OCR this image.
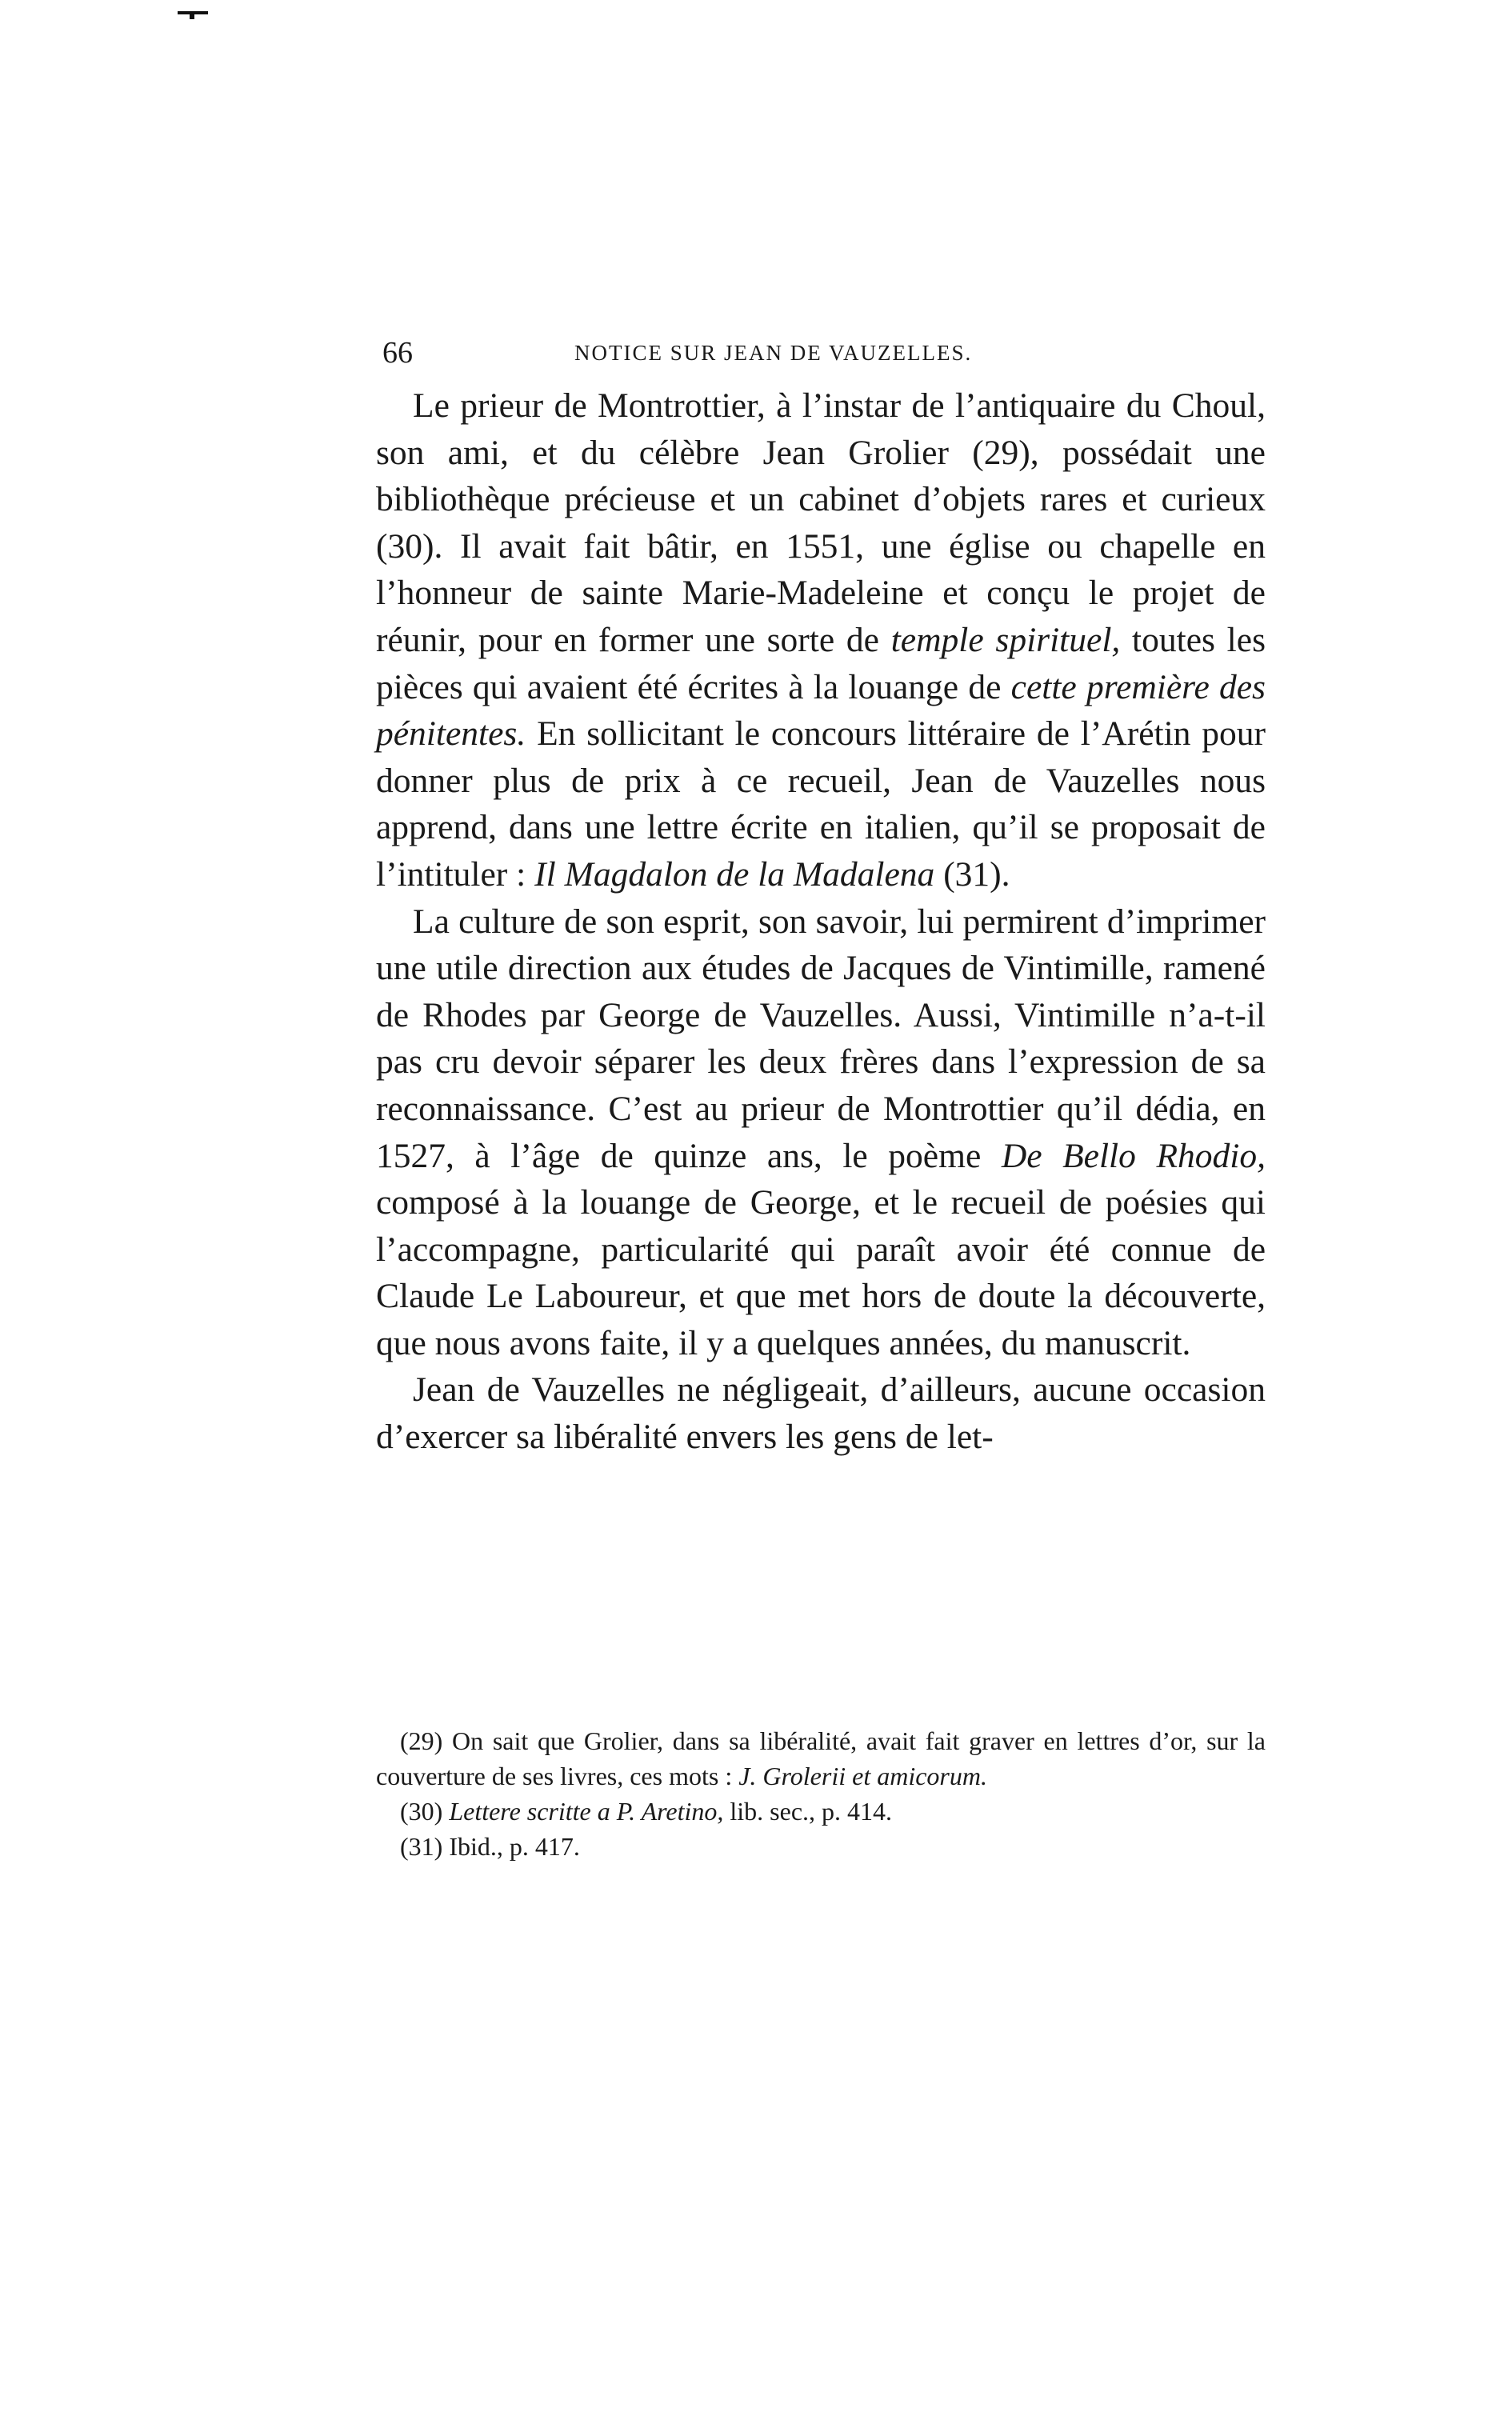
66	NOTICE SUR JEAN DE VAUZELLES.

Le prieur de Montrottier, à l’instar de l’antiquaire du Choul, son ami, et du célèbre Jean Grolier (29), possédait une bibliothèque précieuse et un cabinet d’objets rares et curieux (30). Il avait fait bâtir, en 1551, une église ou chapelle en l’honneur de sainte Marie-Madeleine et conçu le projet de réunir, pour en former une sorte de temple spirituel, toutes les pièces qui avaient été écrites à la louange de cette première des pénitentes. En sollicitant le concours littéraire de l’Arétin pour donner plus de prix à ce recueil, Jean de Vauzelles nous apprend, dans une lettre écrite en italien, qu’il se proposait de l’intituler : Il Magdalon de la Madalena (31).

La culture de son esprit, son savoir, lui permirent d’imprimer une utile direction aux études de Jacques de Vintimille, ramené de Rhodes par George de Vauzelles. Aussi, Vintimille n’a-t-il pas cru devoir séparer les deux frères dans l’expression de sa reconnaissance. C’est au prieur de Montrottier qu’il dédia, en 1527, à l’âge de quinze ans, le poème De Bello Rhodio, composé à la louange de George, et le recueil de poésies qui l’accompagne, particularité qui paraît avoir été connue de Claude Le Laboureur, et que met hors de doute la découverte, que nous avons faite, il y a quelques années, du manuscrit.

Jean de Vauzelles ne négligeait, d’ailleurs, aucune occasion d’exercer sa libéralité envers les gens de let-

(29) On sait que Grolier, dans sa libéralité, avait fait graver en lettres d’or, sur la couverture de ses livres, ces mots : J. Grolerii et amicorum.

(30) Lettere scritte a P. Aretino, lib. sec., p. 414.

(31) Ibid., p. 417.
